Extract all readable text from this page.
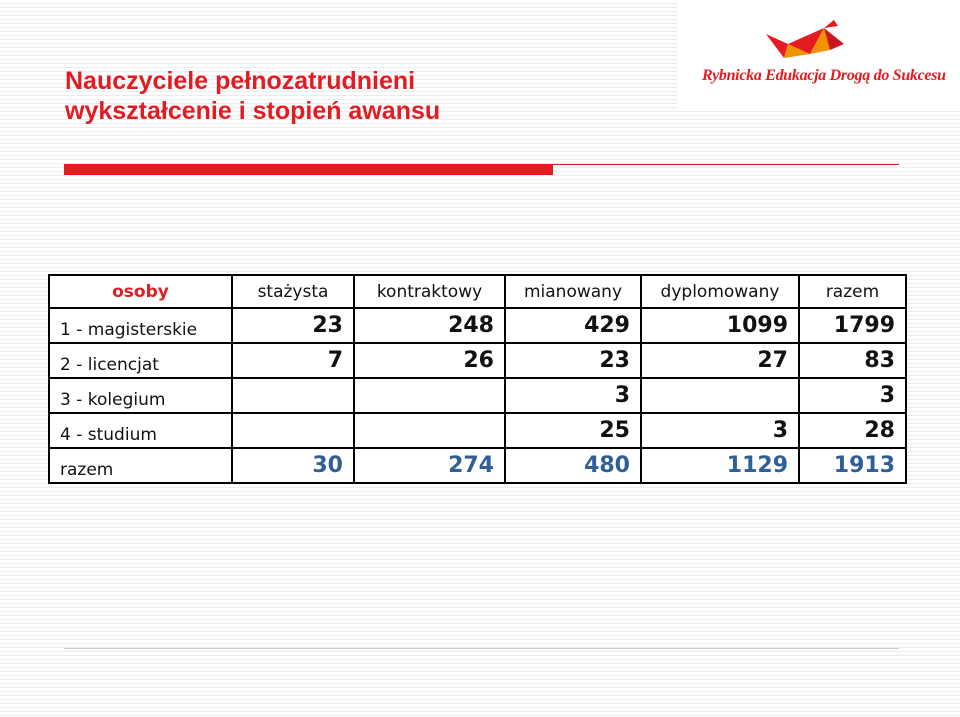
Nauczyciele pełnozatrudnieni
wykształcenie i stopień awansu
Rybnicka Edukacja Drogą do Sukcesu
osoby	stażysta	kontraktowy	mianowany	dyplomowany	razem
1 - magisterskie	23	248	429	1099	1799
2 - licencjat	7	26	23	27	83
3 - kolegium			3		3
4 - studium			25	3	28
razem	30	274	480	1129	1913
